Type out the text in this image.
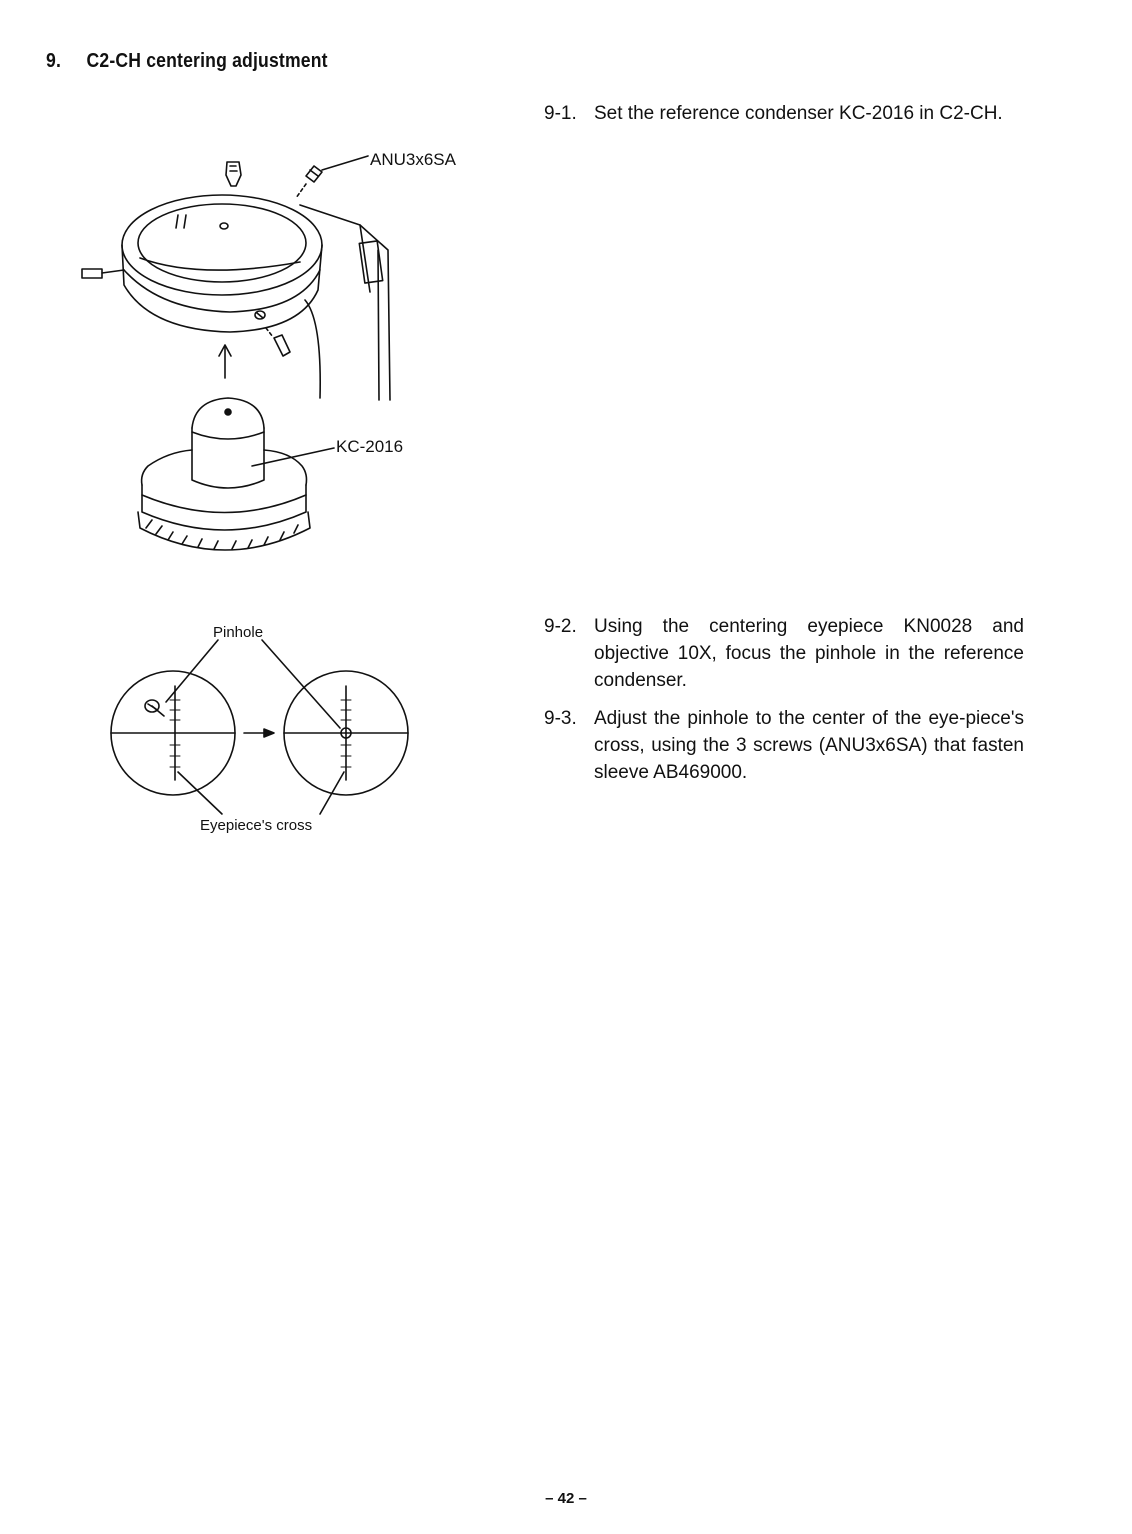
9. C2-CH centering adjustment
ANU3x6SA
KC-2016
Pinhole
Eyepiece's cross
9-1. Set the reference condenser KC-2016 in C2-CH.
9-2. Using the centering eyepiece KN0028 and objective 10X, focus the pinhole in the reference condenser.
9-3. Adjust the pinhole to the center of the eye-piece's cross, using the 3 screws (ANU3x6SA) that fasten sleeve AB469000.
– 42 –
